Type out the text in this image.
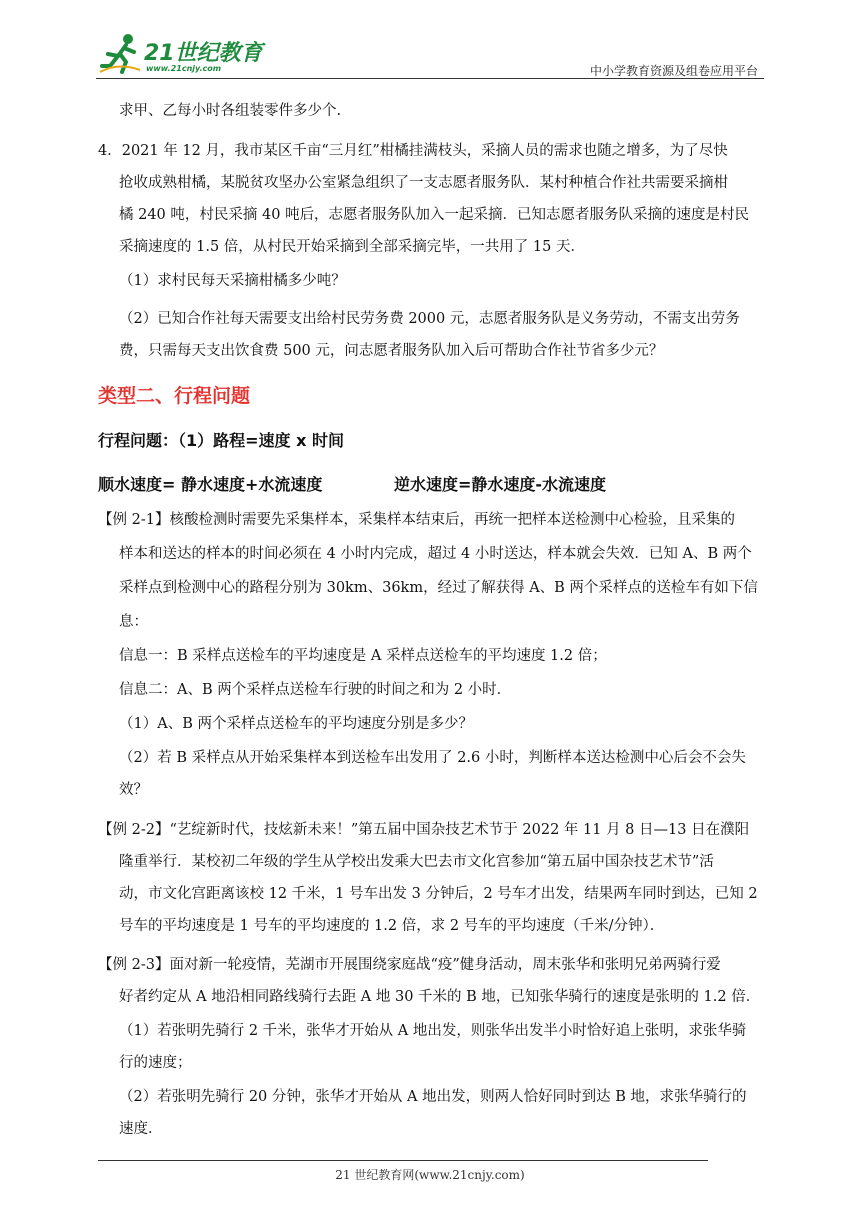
21世纪教育
www.21cnjy.com	中小学教育资源及组卷应用平台
求甲、乙每小时各组装零件多少个.
4．2021 年 12 月，我市某区千亩“三月红”柑橘挂满枝头，采摘人员的需求也随之增多，为了尽快
抢收成熟柑橘，某脱贫攻坚办公室紧急组织了一支志愿者服务队．某村种植合作社共需要采摘柑
橘 240 吨，村民采摘 40 吨后，志愿者服务队加入一起采摘．已知志愿者服务队采摘的速度是村民
采摘速度的 1.5 倍，从村民开始采摘到全部采摘完毕，一共用了 15 天．
（1）求村民每天采摘柑橘多少吨？
（2）已知合作社每天需要支出给村民劳务费 2000 元，志愿者服务队是义务劳动，不需支出劳务
费，只需每天支出饮食费 500 元，问志愿者服务队加入后可帮助合作社节省多少元？
类型二、行程问题
行程问题：（1）路程=速度 x 时间
顺水速度= 静水速度+水流速度	逆水速度=静水速度-水流速度
【例 2-1】核酸检测时需要先采集样本，采集样本结束后，再统一把样本送检测中心检验，且采集的
样本和送达的样本的时间必须在 4 小时内完成，超过 4 小时送达，样本就会失效．已知 A、B 两个
采样点到检测中心的路程分别为 30km、36km，经过了解获得 A、B 两个采样点的送检车有如下信
息：
信息一：B 采样点送检车的平均速度是 A 采样点送检车的平均速度 1.2 倍；
信息二：A、B 两个采样点送检车行驶的时间之和为 2 小时．
（1）A、B 两个采样点送检车的平均速度分别是多少？
（2）若 B 采样点从开始采集样本到送检车出发用了 2.6 小时，判断样本送达检测中心后会不会失
效？
【例 2-2】“艺绽新时代，技炫新未来！”第五届中国杂技艺术节于 2022 年 11 月 8 日—13 日在濮阳
隆重举行．某校初二年级的学生从学校出发乘大巴去市文化宫参加“第五届中国杂技艺术节”活
动，市文化宫距离该校 12 千米，1 号车出发 3 分钟后，2 号车才出发，结果两车同时到达，已知 2
号车的平均速度是 1 号车的平均速度的 1.2 倍，求 2 号车的平均速度（千米/分钟）．
【例 2-3】面对新一轮疫情，芜湖市开展围绕家庭战“疫”健身活动，周末张华和张明兄弟两骑行爱
好者约定从 A 地沿相同路线骑行去距 A 地 30 千米的 B 地，已知张华骑行的速度是张明的 1.2 倍．
（1）若张明先骑行 2 千米，张华才开始从 A 地出发，则张华出发半小时恰好追上张明，求张华骑
行的速度；
（2）若张明先骑行 20 分钟，张华才开始从 A 地出发，则两人恰好同时到达 B 地，求张华骑行的
速度．
21 世纪教育网(www.21cnjy.com)
